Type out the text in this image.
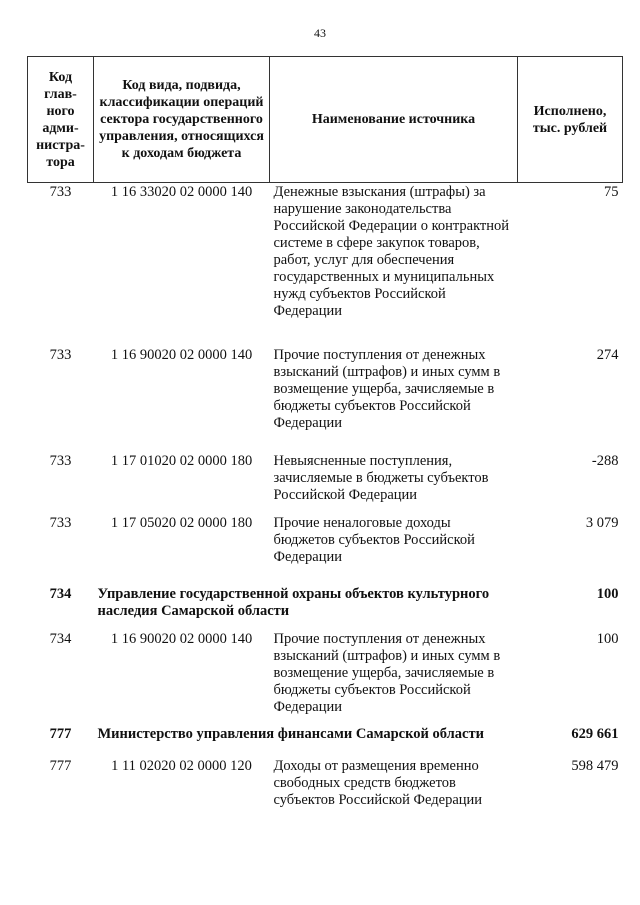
43
Код глав-ного адми-нистра-тора	Код вида, подвида, классификации операций сектора государственного управления, относящихся к доходам бюджета	Наименование источника	Исполнено, тыс. рублей
733	1 16 33020 02 0000 140	Денежные взыскания (штрафы) за нарушение законодательства Российской Федерации о контрактной системе в сфере закупок товаров, работ, услуг для обеспечения государственных и муниципальных нужд субъектов Российской Федерации	75

733	1 16 90020 02 0000 140	Прочие поступления от денежных взысканий (штрафов) и иных сумм в возмещение ущерба, зачисляемые в бюджеты субъектов Российской Федерации	274

733	1 17 01020 02 0000 180	Невыясненные поступления, зачисляемые в бюджеты субъектов Российской Федерации	-288

733	1 17 05020 02 0000 180	Прочие неналоговые доходы бюджетов субъектов Российской Федерации	3 079

734	Управление государственной охраны объектов культурного наследия Самарской области		100

734	1 16 90020 02 0000 140	Прочие поступления от денежных взысканий (штрафов) и иных сумм в возмещение ущерба, зачисляемые в бюджеты субъектов Российской Федерации	100

777	Министерство управления финансами Самарской области		629 661

777	1 11 02020 02 0000 120	Доходы от размещения временно свободных средств бюджетов субъектов Российской Федерации	598 479
